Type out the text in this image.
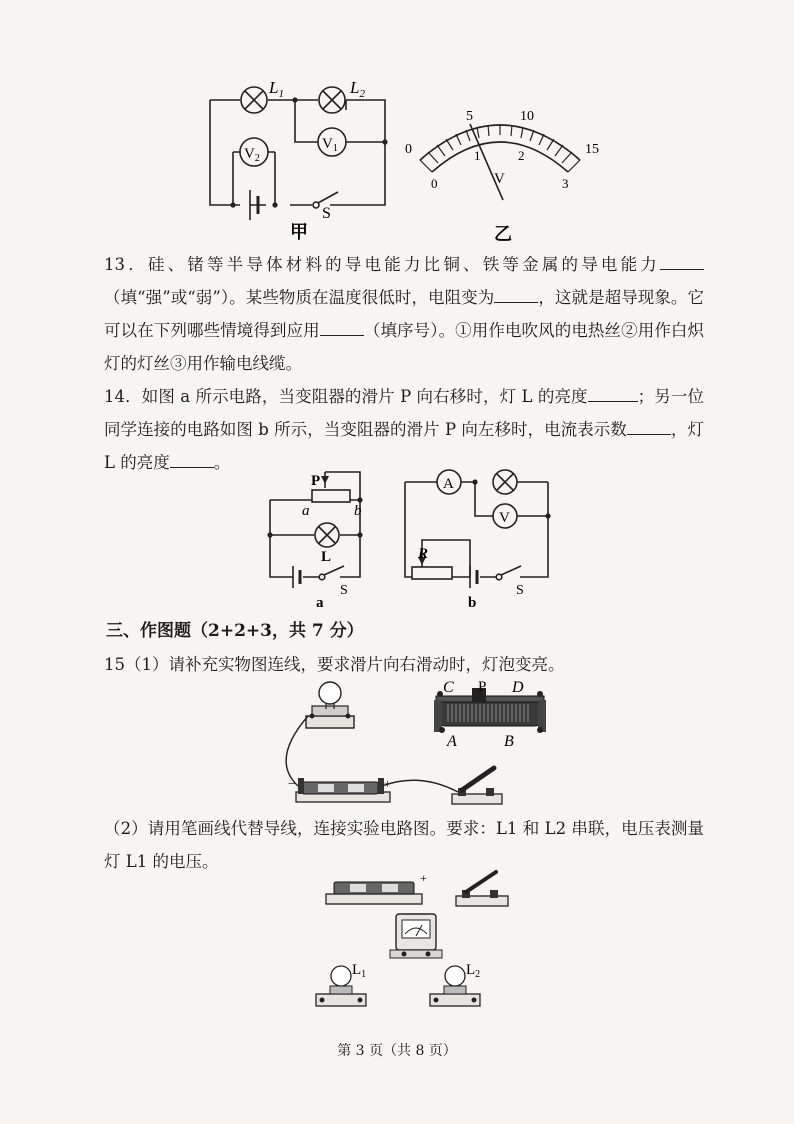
$L_1$	$L_2$
$V_1$
$V_2$
S
甲
0
5	10
15
0
1	2
3
V
乙
13．硅、锗等半导体材料的导电能力比铜、铁等金属的导电能力（填“强”或“弱”）。某些物质在温度很低时，电阻变为	，这就是超导现象。它可以在下列哪些情境得到应用	（填序号）。①用作电吹风的电热丝②用作白炽灯的灯丝③用作输电线缆。
14．如图 a 所示电路，当变阻器的滑片 P 向右移时，灯 L 的亮度	；另一位同学连接的电路如图 b 所示，当变阻器的滑片 P 向左移时，电流表示数	，灯 L 的亮度	。
P
a	b
L
S
a
A
V
R
S
b
三、作图题（2+2+3，共 7 分）
15（1）请补充实物图连线，要求滑片向右滑动时，灯泡变亮。
C P D
A	B
−	+
（2）请用笔画线代替导线，连接实验电路图。要求：L1 和 L2 串联，电压表测量灯 L1 的电压。
+
$L_1$	$L_2$
第 3 页（共 8 页）
